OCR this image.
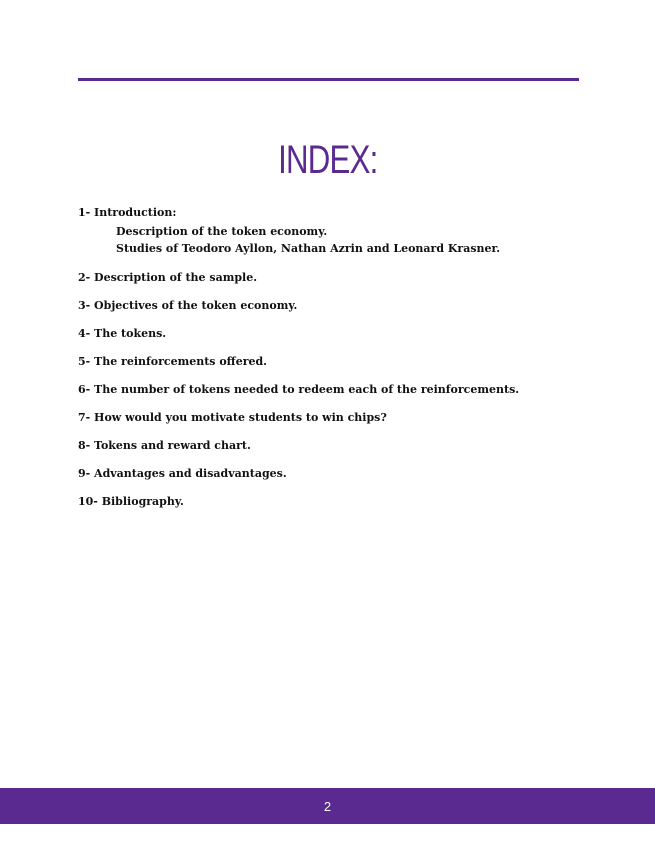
INDEX:
1- Introduction:
Description of the token economy.
Studies of Teodoro Ayllon, Nathan Azrin and Leonard Krasner.
2- Description of the sample.
3- Objectives of the token economy.
4- The tokens.
5- The reinforcements offered.
6- The number of tokens needed to redeem each of the reinforcements.
7- How would you motivate students to win chips?
8- Tokens and reward chart.
9- Advantages and disadvantages.
10- Bibliography.
2
